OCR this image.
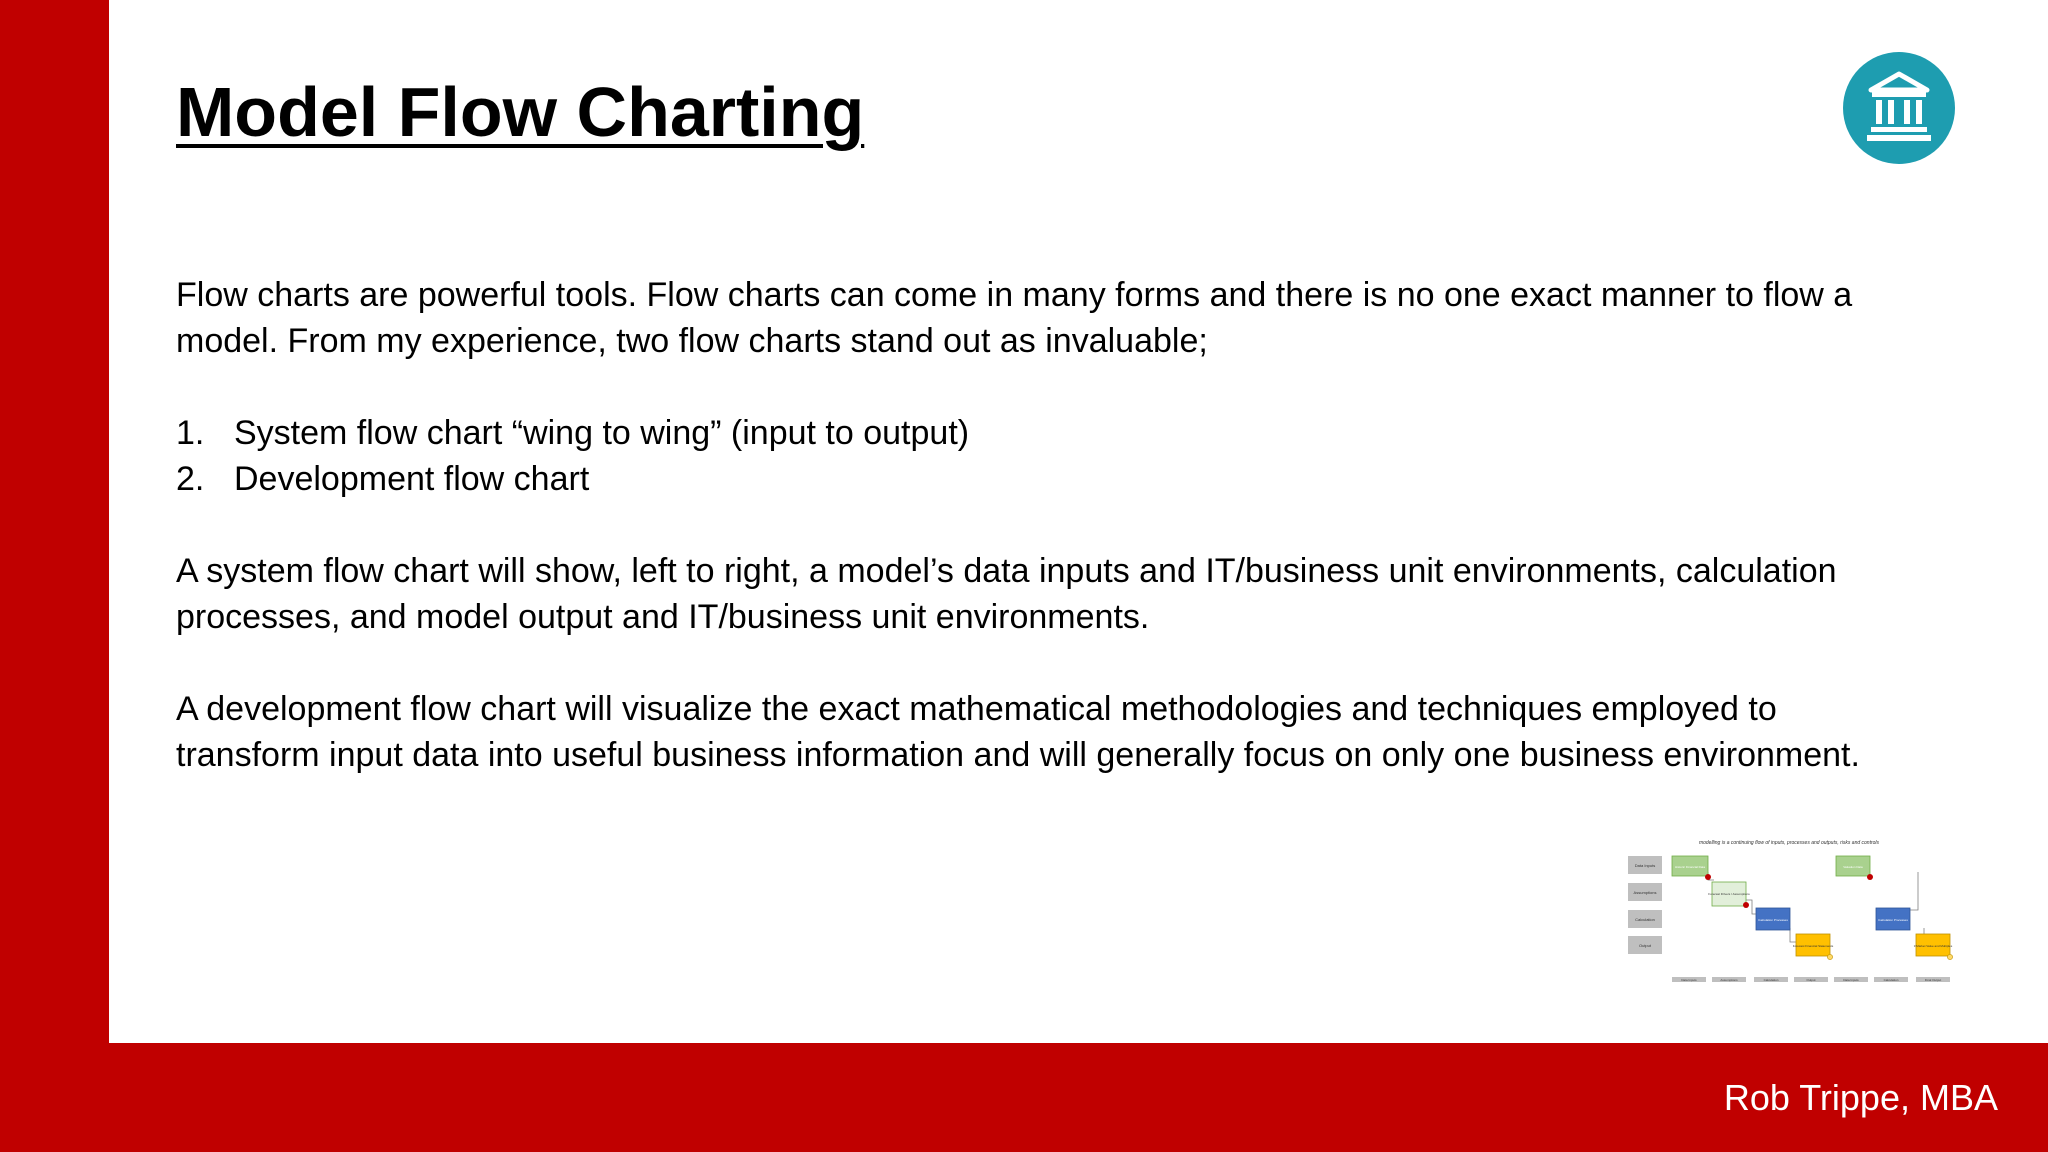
Model Flow Charting

Flow charts are powerful tools. Flow charts can come in many forms and there is no one exact manner to flow a

model. From my experience, two flow charts stand out as invaluable;

1. System flow chart “wing to wing” (input to output)
2. Development flow chart

A system flow chart will show, left to right, a model’s data inputs and IT/business unit environments, calculation

processes, and model output and IT/business unit environments.

A development flow chart will visualize the exact mathematical methodologies and techniques employed to

transform input data into useful business information and will generally focus on only one business environment.

modelling is a continuing flow of inputs, processes and outputs, risks and controls
Data Inputs
Assumptions
Calculation
Output
Historic Financial Data
Forecast Drivers / Assumptions
Calculation Processes
Forecast Financial Statements
Valuation Data
Calculation Processes
3 Market Value and Multiples
Data Inputs	Assumptions	Calculation	Output	Data Inputs	Calculation	Final Output
Rob Trippe, MBA
